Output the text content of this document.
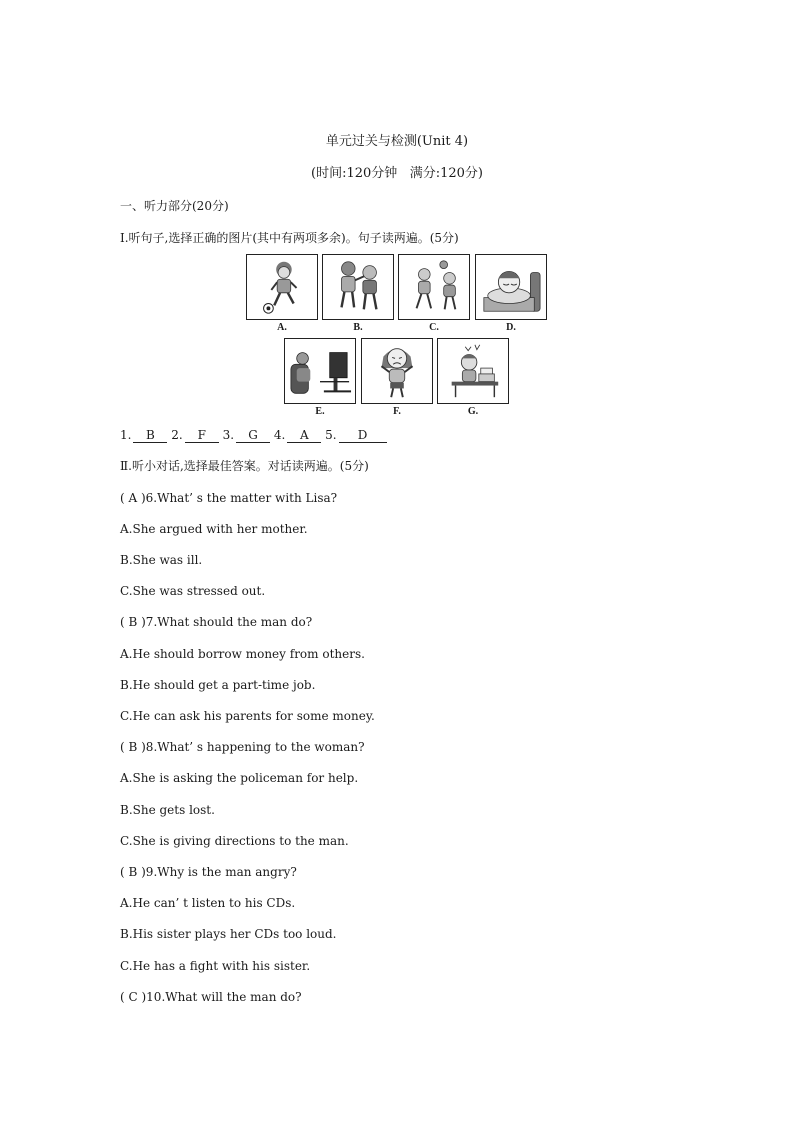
单元过关与检测(Unit 4)
(时间:120分钟   满分:120分)
一、听力部分(20分)
Ⅰ.听句子,选择正确的图片(其中有两项多余)。句子读两遍。(5分)
A.	B.	C.	D.
E.	F.	G.
1. B 2. F 3. G 4. A 5. D
Ⅱ.听小对话,选择最佳答案。对话读两遍。(5分)
( A )6.What’ s the matter with Lisa?
A.She argued with her mother.
B.She was ill.
C.She was stressed out.
( B )7.What should the man do?
A.He should borrow money from others.
B.He should get a part-time job.
C.He can ask his parents for some money.
( B )8.What’ s happening to the woman?
A.She is asking the policeman for help.
B.She gets lost.
C.She is giving directions to the man.
( B )9.Why is the man angry?
A.He can’ t listen to his CDs.
B.His sister plays her CDs too loud.
C.He has a fight with his sister.
( C )10.What will the man do?
